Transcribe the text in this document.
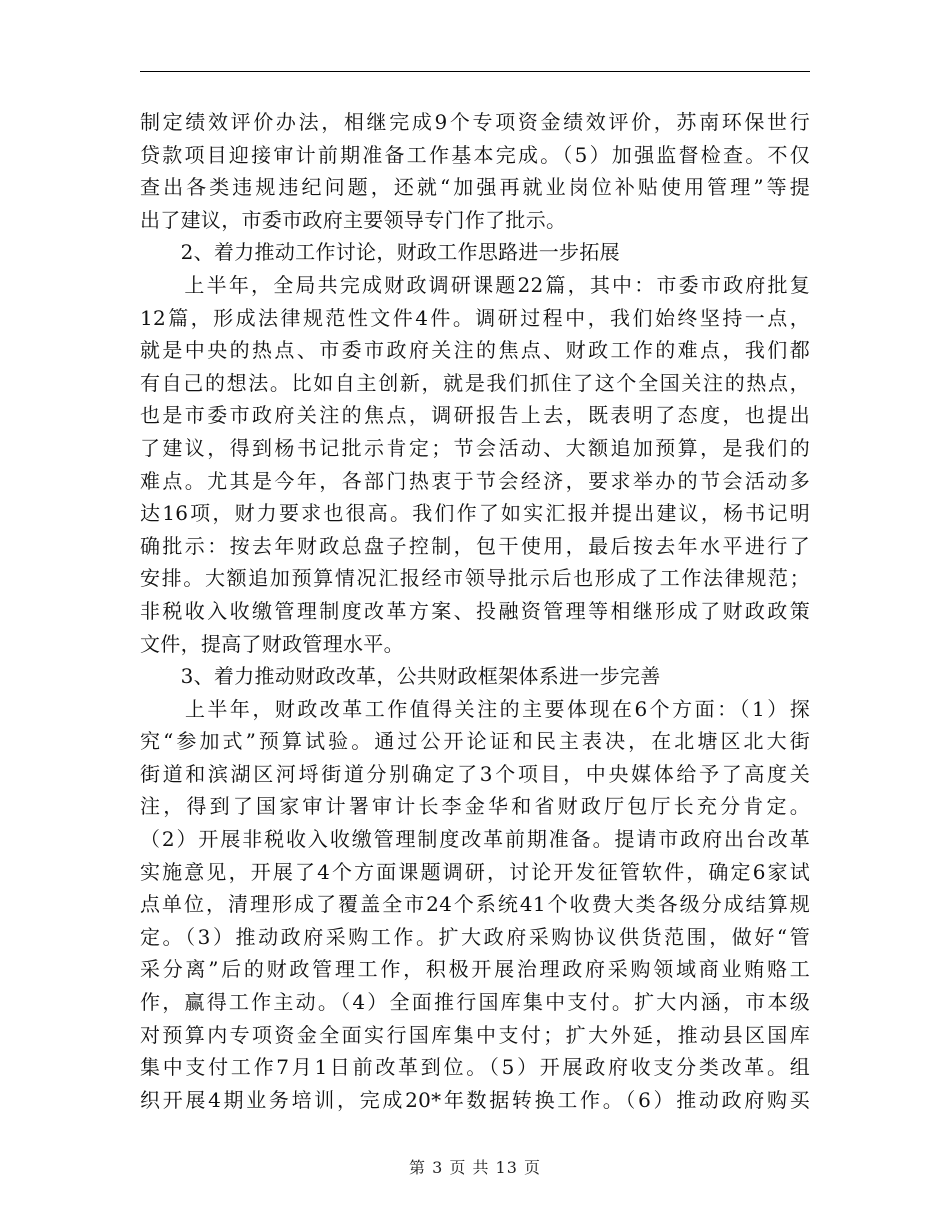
制定绩效评价办法，相继完成9个专项资金绩效评价，苏南环保世行
贷款项目迎接审计前期准备工作基本完成。（5）加强监督检查。不仅
查出各类违规违纪问题，还就“加强再就业岗位补贴使用管理”等提
出了建议，市委市政府主要领导专门作了批示。
　　2、着力推动工作讨论，财政工作思路进一步拓展
　　上半年，全局共完成财政调研课题22篇，其中：市委市政府批复
12篇，形成法律规范性文件4件。调研过程中，我们始终坚持一点，
就是中央的热点、市委市政府关注的焦点、财政工作的难点，我们都
有自己的想法。比如自主创新，就是我们抓住了这个全国关注的热点，
也是市委市政府关注的焦点，调研报告上去，既表明了态度，也提出
了建议，得到杨书记批示肯定；节会活动、大额追加预算，是我们的
难点。尤其是今年，各部门热衷于节会经济，要求举办的节会活动多
达16项，财力要求也很高。我们作了如实汇报并提出建议，杨书记明
确批示：按去年财政总盘子控制，包干使用，最后按去年水平进行了
安排。大额追加预算情况汇报经市领导批示后也形成了工作法律规范；
非税收入收缴管理制度改革方案、投融资管理等相继形成了财政政策
文件，提高了财政管理水平。
　　3、着力推动财政改革，公共财政框架体系进一步完善
　　上半年，财政改革工作值得关注的主要体现在6个方面：（1）探
究“参加式”预算试验。通过公开论证和民主表决，在北塘区北大街
街道和滨湖区河埒街道分别确定了3个项目，中央媒体给予了高度关
注，得到了国家审计署审计长李金华和省财政厅包厅长充分肯定。
（2）开展非税收入收缴管理制度改革前期准备。提请市政府出台改革
实施意见，开展了4个方面课题调研，讨论开发征管软件，确定6家试
点单位，清理形成了覆盖全市24个系统41个收费大类各级分成结算规
定。（3）推动政府采购工作。扩大政府采购协议供货范围，做好“管
采分离”后的财政管理工作，积极开展治理政府采购领域商业贿赂工
作，赢得工作主动。（4）全面推行国库集中支付。扩大内涵，市本级
对预算内专项资金全面实行国库集中支付；扩大外延，推动县区国库
集中支付工作7月1日前改革到位。（5）开展政府收支分类改革。组
织开展4期业务培训，完成20*年数据转换工作。（6）推动政府购买
第 3 页 共 13 页
